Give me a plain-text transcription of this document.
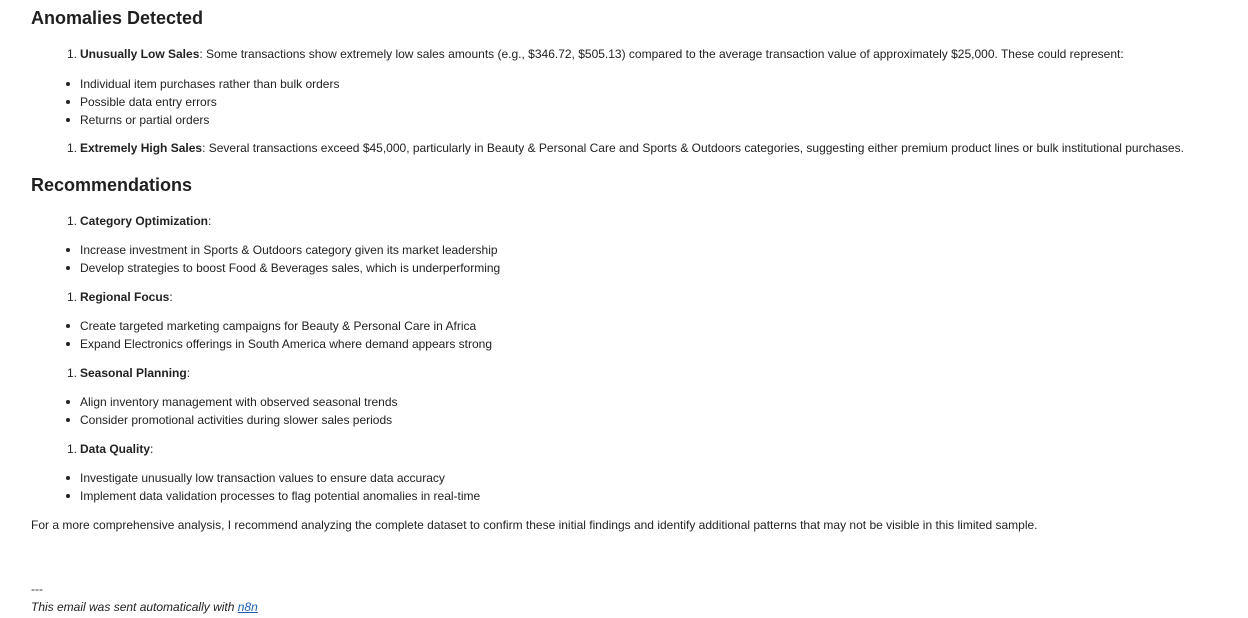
Anomalies Detected
1. Unusually Low Sales: Some transactions show extremely low sales amounts (e.g., $346.72, $505.13) compared to the average transaction value of approximately $25,000. These could represent:
Individual item purchases rather than bulk orders
Possible data entry errors
Returns or partial orders
1. Extremely High Sales: Several transactions exceed $45,000, particularly in Beauty & Personal Care and Sports & Outdoors categories, suggesting either premium product lines or bulk institutional purchases.
Recommendations
1. Category Optimization:
Increase investment in Sports & Outdoors category given its market leadership
Develop strategies to boost Food & Beverages sales, which is underperforming
1. Regional Focus:
Create targeted marketing campaigns for Beauty & Personal Care in Africa
Expand Electronics offerings in South America where demand appears strong
1. Seasonal Planning:
Align inventory management with observed seasonal trends
Consider promotional activities during slower sales periods
1. Data Quality:
Investigate unusually low transaction values to ensure data accuracy
Implement data validation processes to flag potential anomalies in real-time

For a more comprehensive analysis, I recommend analyzing the complete dataset to confirm these initial findings and identify additional patterns that may not be visible in this limited sample.

---
This email was sent automatically with n8n
